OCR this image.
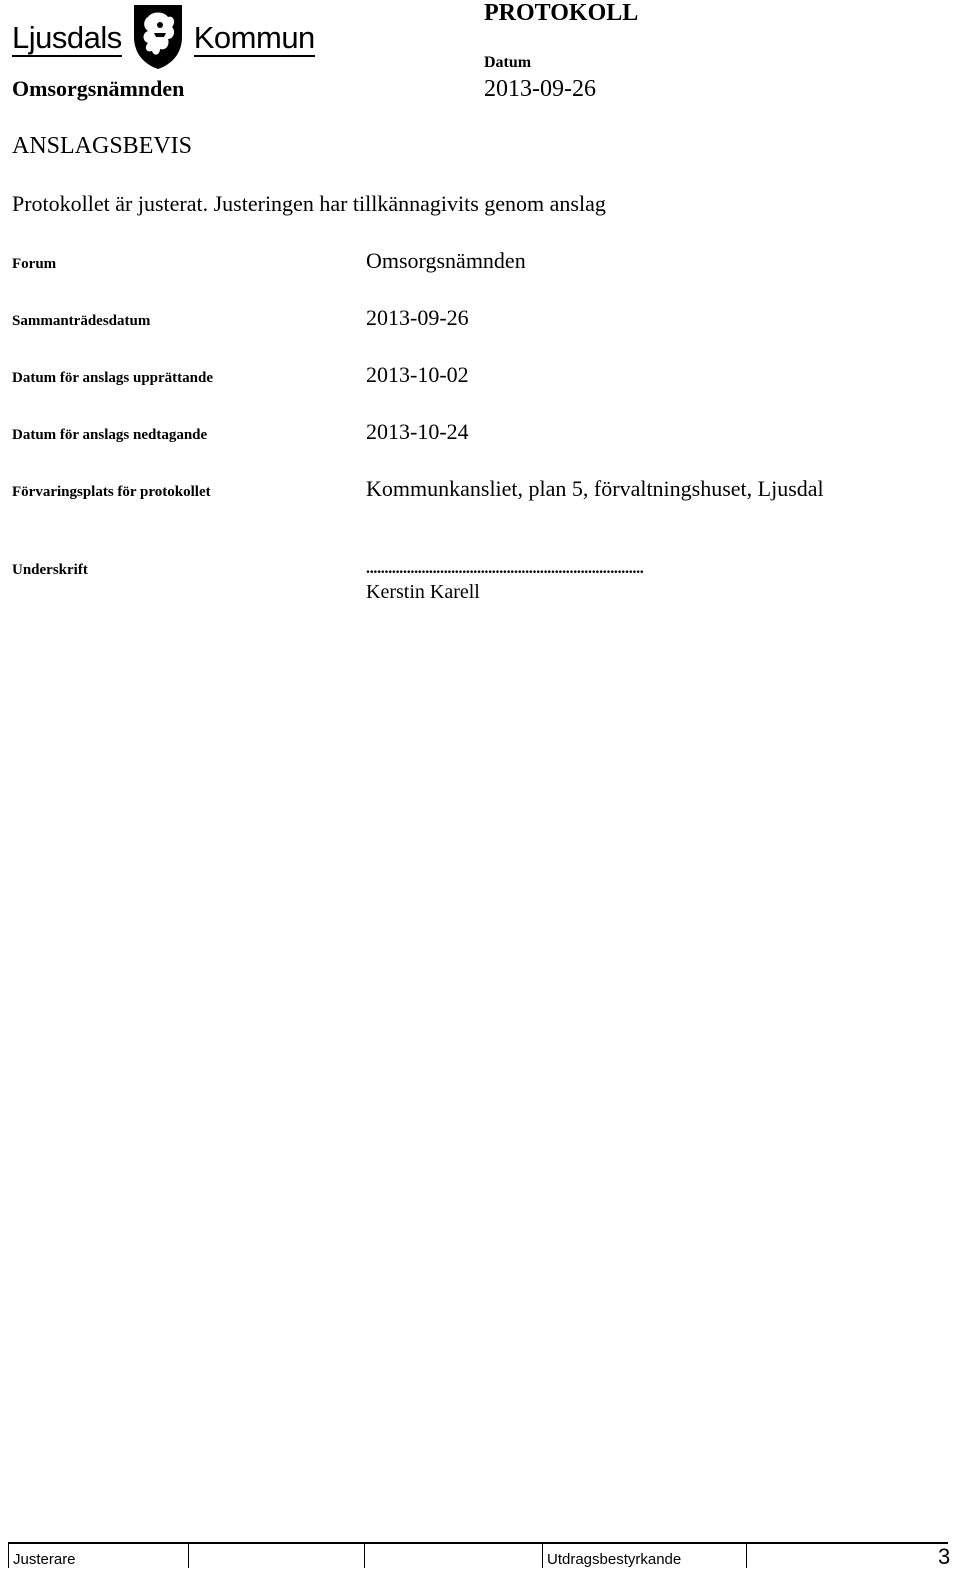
Ljusdals Kommun
PROTOKOLL
Datum
2013-09-26
Omsorgsnämnden
ANSLAGSBEVIS
Protokollet är justerat. Justeringen har tillkännagivits genom anslag
Forum	Omsorgsnämnden
Sammanträdesdatum	2013-09-26
Datum för anslags upprättande	2013-10-02
Datum för anslags nedtagande	2013-10-24
Förvaringsplats för protokollet	Kommunkansliet, plan 5, förvaltningshuset, Ljusdal
Underskrift	...........................................................................
Kerstin Karell
Justerare	Utdragsbestyrkande	3
